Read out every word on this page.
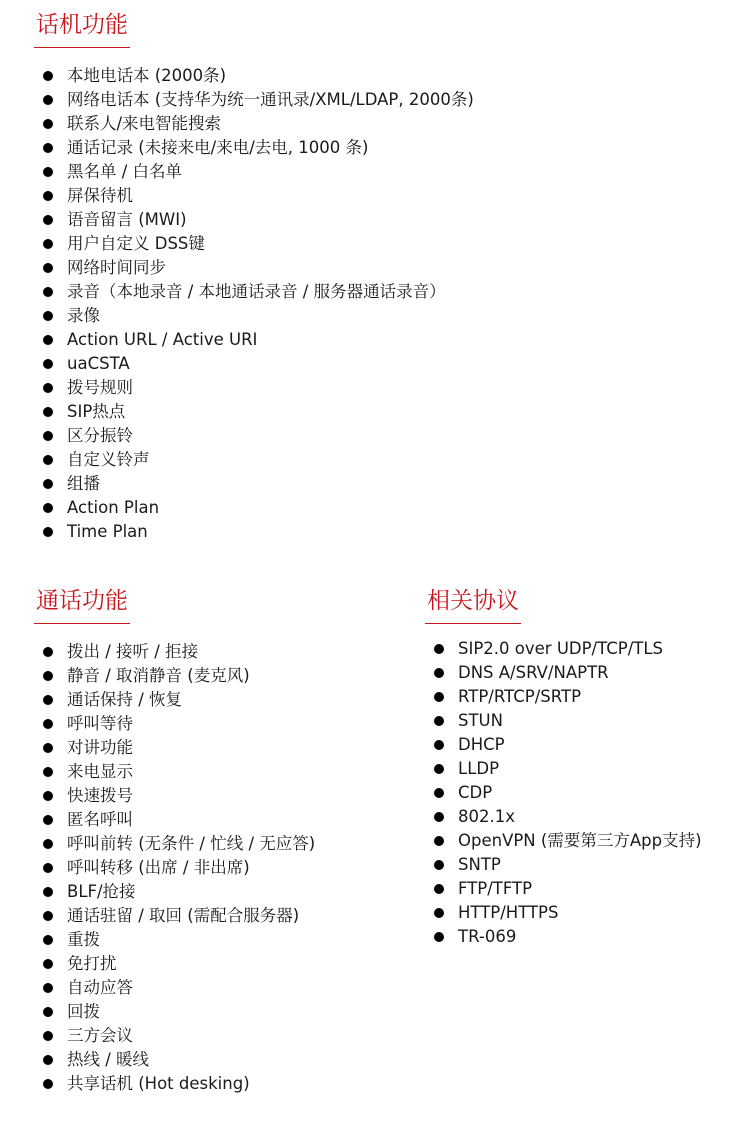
话机功能
本地电话本 (2000条)
网络电话本 (支持华为统一通讯录/XML/LDAP, 2000条)
联系人/来电智能搜索
通话记录 (未接来电/来电/去电, 1000 条)
黑名单 / 白名单
屏保待机
语音留言 (MWI)
用户自定义 DSS键
网络时间同步
录音（本地录音 / 本地通话录音 / 服务器通话录音）
录像
Action URL / Active URI
uaCSTA
拨号规则
SIP热点
区分振铃
自定义铃声
组播
Action Plan
Time Plan
通话功能
拨出 / 接听 / 拒接
静音 / 取消静音 (麦克风)
通话保持 / 恢复
呼叫等待
对讲功能
来电显示
快速拨号
匿名呼叫
呼叫前转 (无条件 / 忙线 / 无应答)
呼叫转移 (出席 / 非出席)
BLF/抢接
通话驻留 / 取回 (需配合服务器)
重拨
免打扰
自动应答
回拨
三方会议
热线 / 暖线
共享话机 (Hot desking)
相关协议
SIP2.0 over UDP/TCP/TLS
DNS A/SRV/NAPTR
RTP/RTCP/SRTP
STUN
DHCP
LLDP
CDP
802.1x
OpenVPN (需要第三方App支持)
SNTP
FTP/TFTP
HTTP/HTTPS
TR-069
